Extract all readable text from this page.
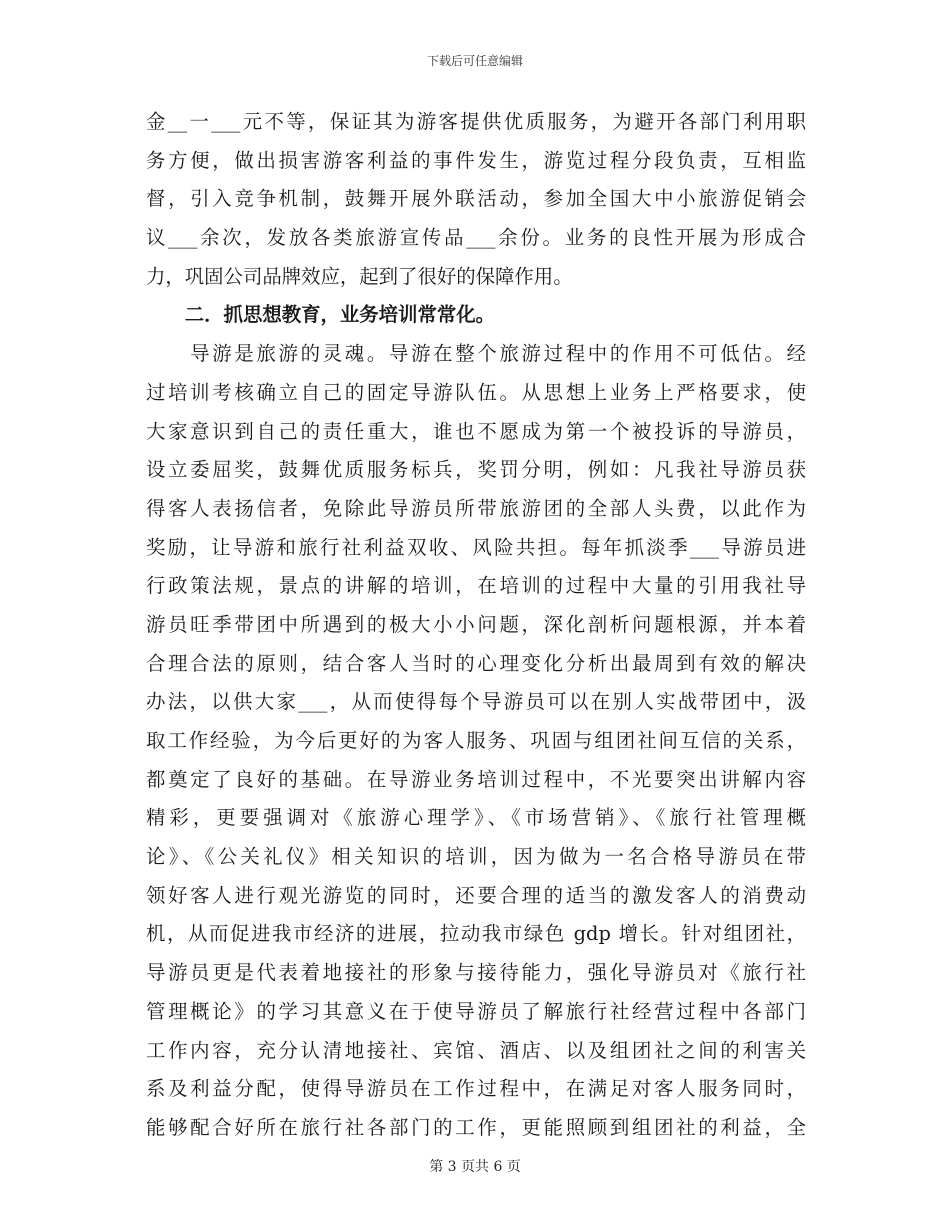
下载后可任意编辑
金__一___元不等，保证其为游客提供优质服务，为避开各部门利用职
务方便，做出损害游客利益的事件发生，游览过程分段负责，互相监
督，引入竞争机制，鼓舞开展外联活动，参加全国大中小旅游促销会
议___余次，发放各类旅游宣传品___余份。业务的良性开展为形成合
力，巩固公司品牌效应，起到了很好的保障作用。
　　二．抓思想教育，业务培训常常化。
　　导游是旅游的灵魂。导游在整个旅游过程中的作用不可低估。经
过培训考核确立自己的固定导游队伍。从思想上业务上严格要求，使
大家意识到自己的责任重大，谁也不愿成为第一个被投诉的导游员，
设立委屈奖，鼓舞优质服务标兵，奖罚分明，例如：凡我社导游员获
得客人表扬信者，免除此导游员所带旅游团的全部人头费，以此作为
奖励，让导游和旅行社利益双收、风险共担。每年抓淡季___导游员进
行政策法规，景点的讲解的培训，在培训的过程中大量的引用我社导
游员旺季带团中所遇到的极大小小问题，深化剖析问题根源，并本着
合理合法的原则，结合客人当时的心理变化分析出最周到有效的解决
办法，以供大家___，从而使得每个导游员可以在别人实战带团中，汲
取工作经验，为今后更好的为客人服务、巩固与组团社间互信的关系，
都奠定了良好的基础。在导游业务培训过程中，不光要突出讲解内容
精彩，更要强调对《旅游心理学》、《市场营销》、《旅行社管理概
论》、《公关礼仪》相关知识的培训，因为做为一名合格导游员在带
领好客人进行观光游览的同时，还要合理的适当的激发客人的消费动
机，从而促进我市经济的进展，拉动我市绿色 gdp 增长。针对组团社，
导游员更是代表着地接社的形象与接待能力，强化导游员对《旅行社
管理概论》的学习其意义在于使导游员了解旅行社经营过程中各部门
工作内容，充分认清地接社、宾馆、酒店、以及组团社之间的利害关
系及利益分配，使得导游员在工作过程中，在满足对客人服务同时，
能够配合好所在旅行社各部门的工作，更能照顾到组团社的利益，全
第 3 页共 6 页
